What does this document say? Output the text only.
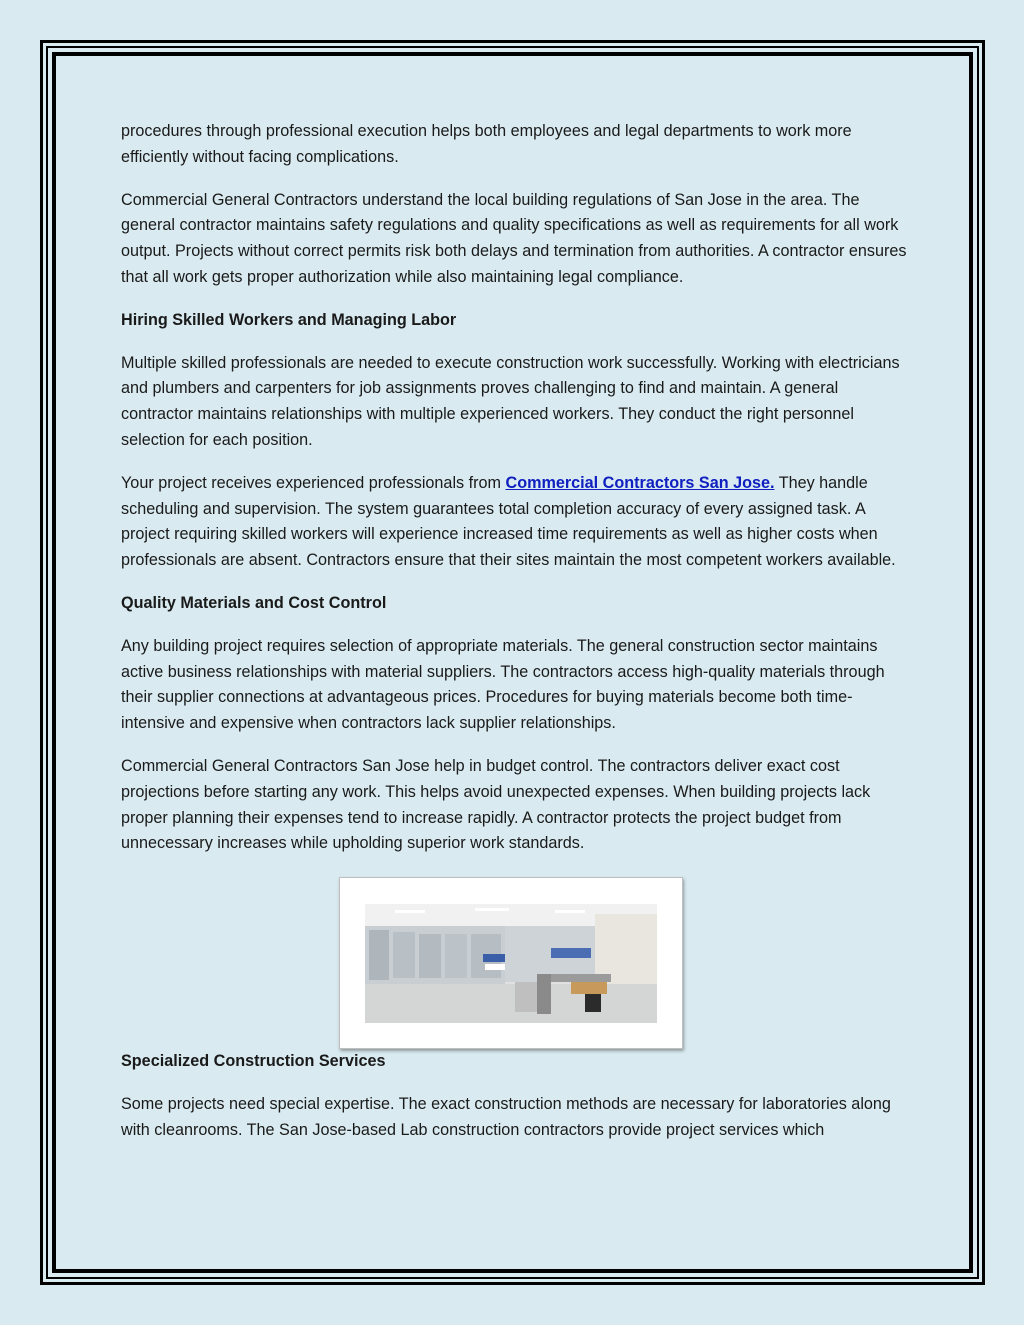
procedures through professional execution helps both employees and legal departments to work more efficiently without facing complications.

Commercial General Contractors understand the local building regulations of San Jose in the area. The general contractor maintains safety regulations and quality specifications as well as requirements for all work output. Projects without correct permits risk both delays and termination from authorities. A contractor ensures that all work gets proper authorization while also maintaining legal compliance.

Hiring Skilled Workers and Managing Labor

Multiple skilled professionals are needed to execute construction work successfully. Working with electricians and plumbers and carpenters for job assignments proves challenging to find and maintain. A general contractor maintains relationships with multiple experienced workers. They conduct the right personnel selection for each position.

Your project receives experienced professionals from Commercial Contractors San Jose. They handle scheduling and supervision. The system guarantees total completion accuracy of every assigned task. A project requiring skilled workers will experience increased time requirements as well as higher costs when professionals are absent. Contractors ensure that their sites maintain the most competent workers available.

Quality Materials and Cost Control

Any building project requires selection of appropriate materials. The general construction sector maintains active business relationships with material suppliers. The contractors access high-quality materials through their supplier connections at advantageous prices. Procedures for buying materials become both time-intensive and expensive when contractors lack supplier relationships.

Commercial General Contractors San Jose help in budget control. The contractors deliver exact cost projections before starting any work. This helps avoid unexpected expenses. When building projects lack proper planning their expenses tend to increase rapidly. A contractor protects the project budget from unnecessary increases while upholding superior work standards.

Specialized Construction Services

Some projects need special expertise. The exact construction methods are necessary for laboratories along with cleanrooms. The San Jose-based Lab construction contractors provide project services which
